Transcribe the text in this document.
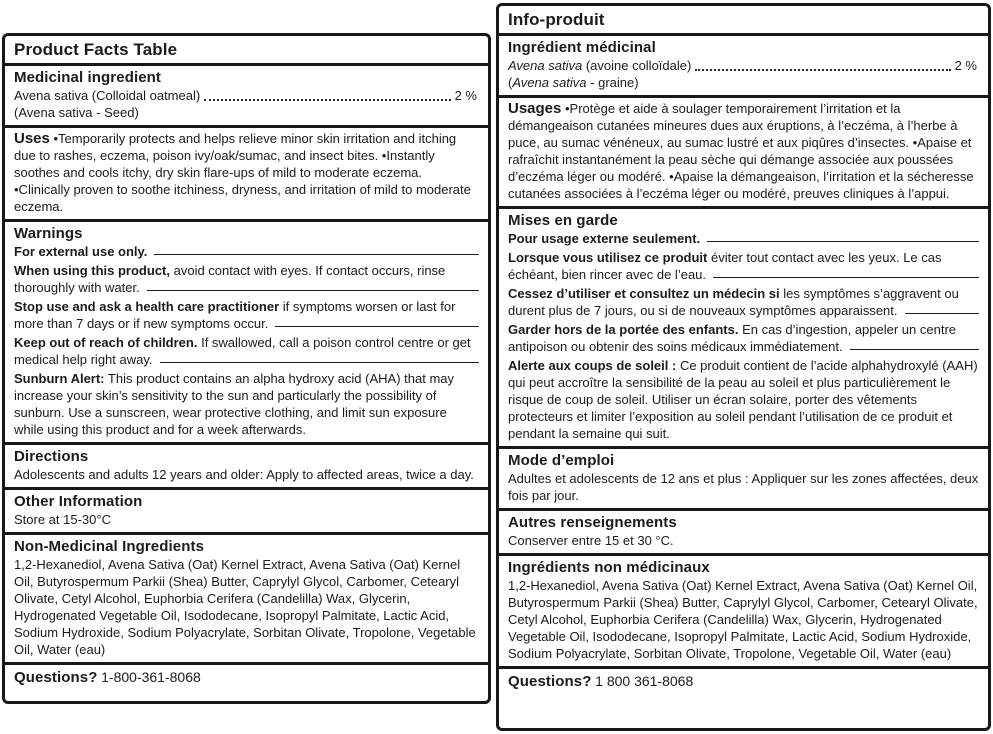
Product Facts Table
Medicinal ingredient
Avena sativa (Colloidal oatmeal)	2 %
(Avena sativa - Seed)

Uses •Temporarily protects and helps relieve minor skin irritation and itching due to rashes, eczema, poison ivy/oak/sumac, and insect bites. •Instantly soothes and cools itchy, dry skin flare-ups of mild to moderate eczema. •Clinically proven to soothe itchiness, dryness, and irritation of mild to moderate eczema.

Warnings

For external use only.

When using this product, avoid contact with eyes. If contact occurs, rinse thoroughly with water.

Stop use and ask a health care practitioner if symptoms worsen or last for more than 7 days or if new symptoms occur.

Keep out of reach of children. If swallowed, call a poison control centre or get medical help right away.

Sunburn Alert: This product contains an alpha hydroxy acid (AHA) that may increase your skin’s sensitivity to the sun and particularly the possibility of sunburn. Use a sunscreen, wear protective clothing, and limit sun exposure while using this product and for a week afterwards.

Directions

Adolescents and adults 12 years and older: Apply to affected areas, twice a day.

Other Information

Store at 15-30°C

Non-Medicinal Ingredients

1,2-Hexanediol, Avena Sativa (Oat) Kernel Extract, Avena Sativa (Oat) Kernel Oil, Butyrospermum Parkii (Shea) Butter, Caprylyl Glycol, Carbomer, Cetearyl Olivate, Cetyl Alcohol, Euphorbia Cerifera (Candelilla) Wax, Glycerin, Hydrogenated Vegetable Oil, Isododecane, Isopropyl Palmitate, Lactic Acid, Sodium Hydroxide, Sodium Polyacrylate, Sorbitan Olivate, Tropolone, Vegetable Oil, Water (eau)

Questions? 1-800-361-8068

Info-produit
Ingrédient médicinal
Avena sativa (avoine colloïdale)	2 %
(Avena sativa - graine)

Usages •Protège et aide à soulager temporairement l’irritation et la démangeaison cutanées mineures dues aux éruptions, à l’eczéma, à l’herbe à puce, au sumac vénéneux, au sumac lustré et aux piqûres d’insectes. •Apaise et rafraîchit instantanément la peau sèche qui démange associée aux poussées d’eczéma léger ou modéré. •Apaise la démangeaison, l’irritation et la sécheresse cutanées associées à l’eczéma léger ou modéré, preuves cliniques à l’appui.

Mises en garde

Pour usage externe seulement.

Lorsque vous utilisez ce produit éviter tout contact avec les yeux. Le cas échéant, bien rincer avec de l’eau.

Cessez d’utiliser et consultez un médecin si les symptômes s’aggravent ou durent plus de 7 jours, ou si de nouveaux symptômes apparaissent.

Garder hors de la portée des enfants. En cas d’ingestion, appeler un centre antipoison ou obtenir des soins médicaux immédiatement.

Alerte aux coups de soleil : Ce produit contient de l’acide alphahydroxylé (AAH) qui peut accroître la sensibilité de la peau au soleil et plus particulièrement le risque de coup de soleil. Utiliser un écran solaire, porter des vêtements protecteurs et limiter l’exposition au soleil pendant l’utilisation de ce produit et pendant la semaine qui suit.

Mode d’emploi

Adultes et adolescents de 12 ans et plus : Appliquer sur les zones affectées, deux fois par jour.

Autres renseignements

Conserver entre 15 et 30 °C.

Ingrédients non médicinaux

1,2-Hexanediol, Avena Sativa (Oat) Kernel Extract, Avena Sativa (Oat) Kernel Oil, Butyrospermum Parkii (Shea) Butter, Caprylyl Glycol, Carbomer, Cetearyl Olivate, Cetyl Alcohol, Euphorbia Cerifera (Candelilla) Wax, Glycerin, Hydrogenated Vegetable Oil, Isododecane, Isopropyl Palmitate, Lactic Acid, Sodium Hydroxide, Sodium Polyacrylate, Sorbitan Olivate, Tropolone, Vegetable Oil, Water (eau)

Questions? 1 800 361-8068
